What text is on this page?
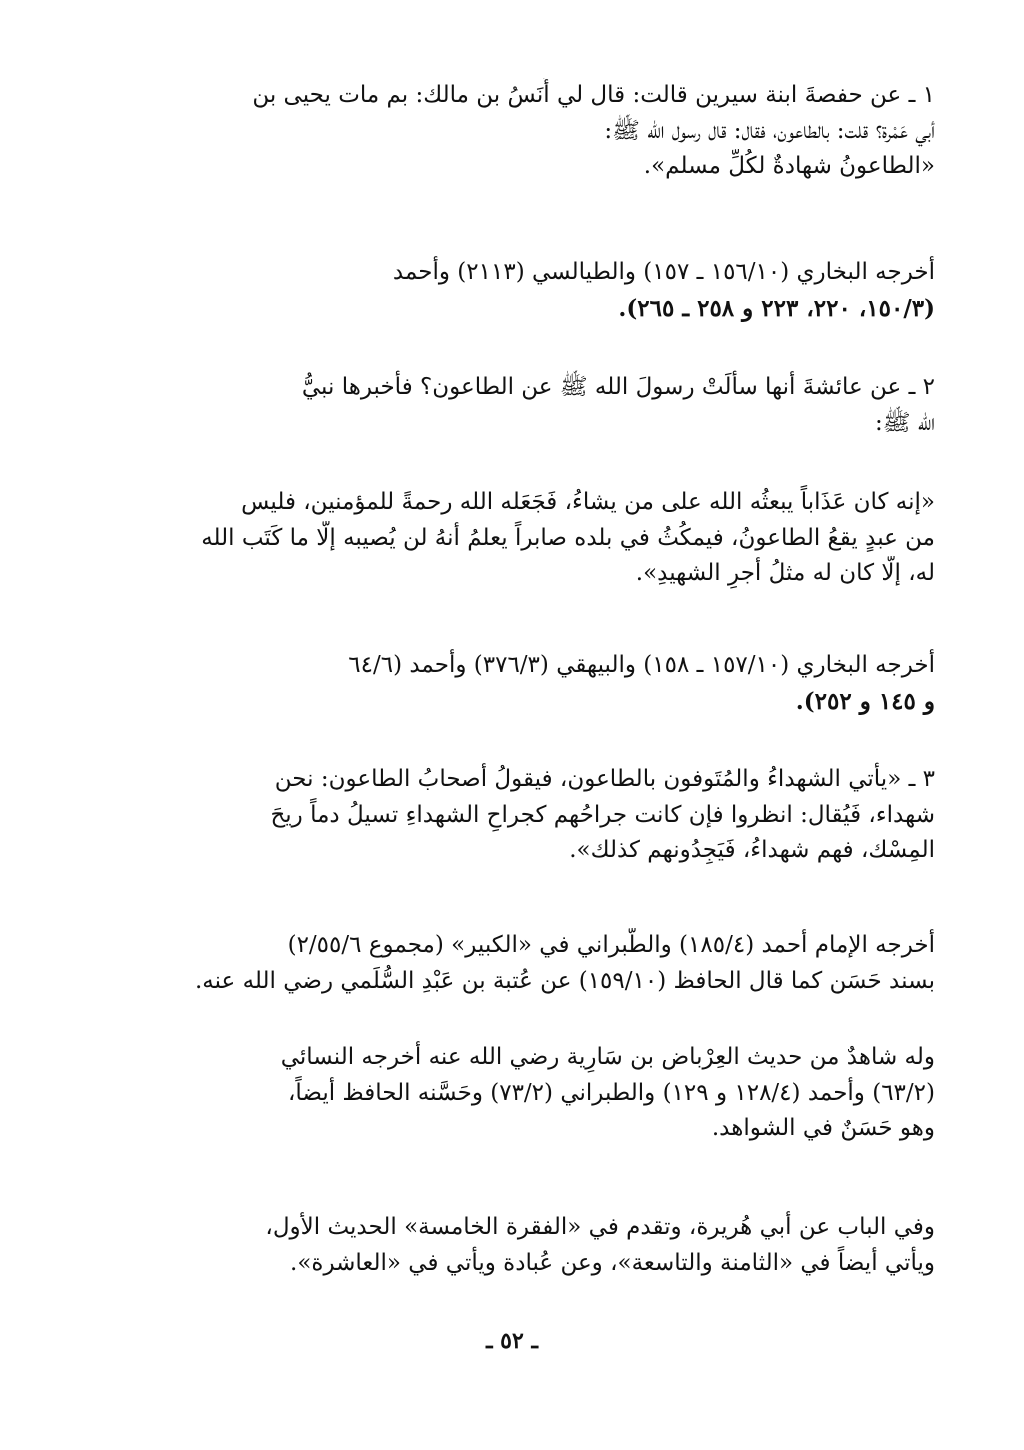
١ ـ عن حفصةَ ابنة سيرين قالت: قال لي أَنَسُ بن مالك: بم مات يحيى بن
أبي عَمْرة؟ قلت: بالطاعون، فقال: قال رسول الله ﷺ:
«الطاعونُ شهادةٌ لكُلِّ مسلم».
أخرجه البخاري (١٥٦/١٠ ـ ١٥٧) والطيالسي (٢١١٣) وأحمد
(١٥٠/٣، ٢٢٠، ٢٢٣ و ٢٥٨ ـ ٢٦٥).
٢ ـ عن عائشةَ أنها سألَتْ رسولَ الله ﷺ عن الطاعون؟ فأخبرها نبيُّ
الله ﷺ:
«إنه كان عَذَاباً يبعثُه الله على من يشاءُ، فَجَعَله الله رحمةً للمؤمنين، فليس
من عبدٍ يقعُ الطاعونُ، فيمكُثُ في بلده صابراً يعلمُ أنهُ لن يُصيبه إلّا ما كَتَب الله
له، إلّا كان له مثلُ أجرِ الشهيدِ».
أخرجه البخاري (١٥٧/١٠ ـ ١٥٨) والبيهقي (٣٧٦/٣) وأحمد (٦٤/٦
و ١٤٥ و ٢٥٢).
٣ ـ «يأتي الشهداءُ والمُتَوفون بالطاعون، فيقولُ أصحابُ الطاعون: نحن
شهداء، فَيُقال: انظروا فإن كانت جراحُهم كجراحِ الشهداءِ تسيلُ دماً ريحَ
المِسْك، فهم شهداءُ، فَيَجِدُونهم كذلك».
أخرجه الإمام أحمد (١٨٥/٤) والطَّبراني في «الكبير» (مجموع ٢/٥٥/٦)
بسند حَسَن كما قال الحافظ (١٥٩/١٠) عن عُتبة بن عَبْدِ السُّلَمي رضي الله عنه.
وله شاهدٌ من حديث العِرْباض بن سَارِية رضي الله عنه أخرجه النسائي
(٦٣/٢) وأحمد (١٢٨/٤ و ١٢٩) والطبراني (٧٣/٢) وحَسَّنه الحافظ أيضاً،
وهو حَسَنٌ في الشواهد.
وفي الباب عن أبي هُريرة، وتقدم في «الفقرة الخامسة» الحديث الأول،
ويأتي أيضاً في «الثامنة والتاسعة»، وعن عُبادة ويأتي في «العاشرة».
ـ ٥٢ ـ
